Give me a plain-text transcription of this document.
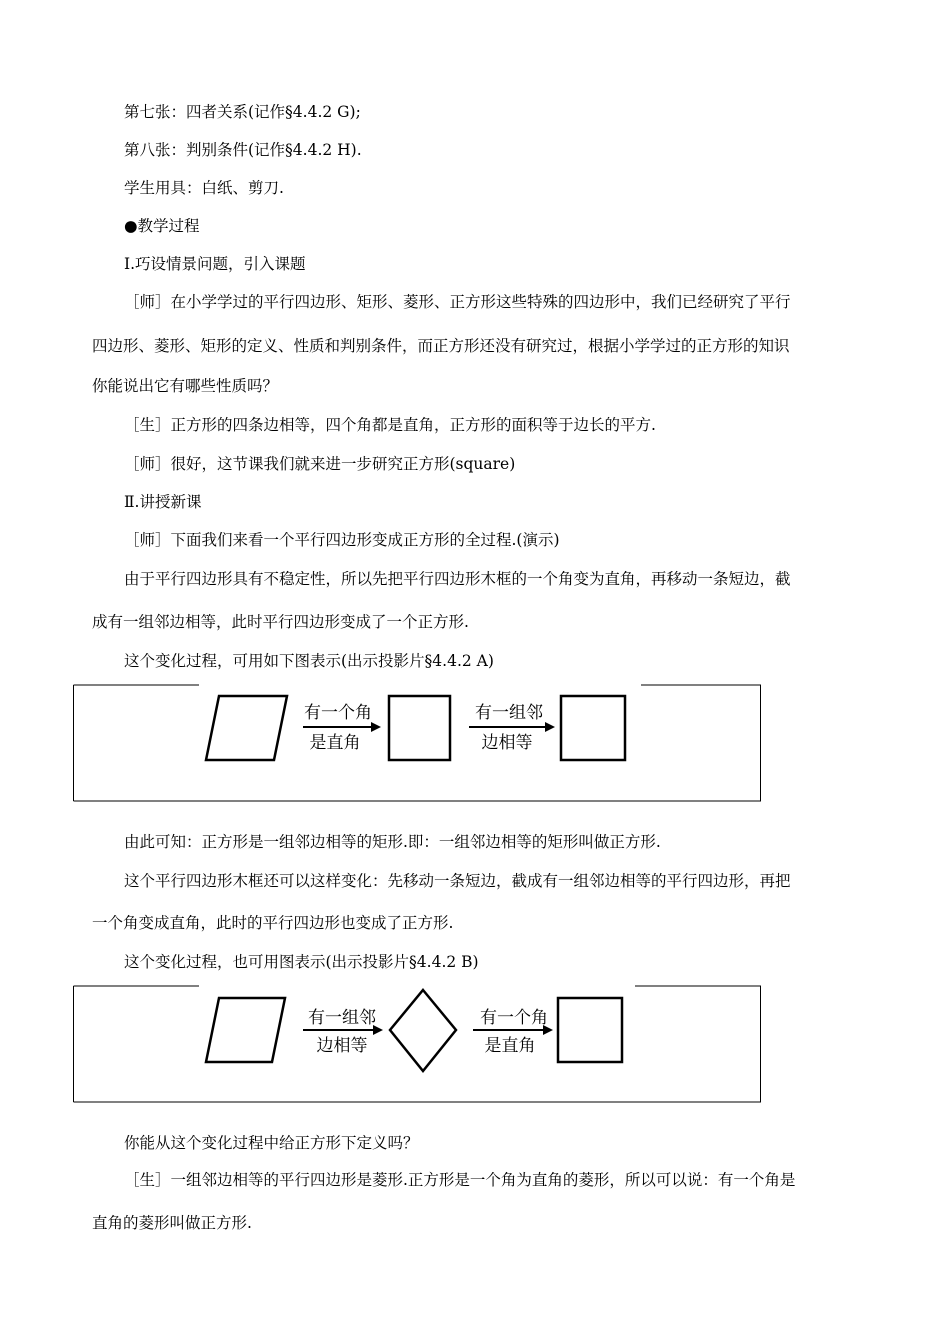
第七张：四者关系(记作§4.4.2 G);
第八张：判别条件(记作§4.4.2 H).
学生用具：白纸、剪刀.
●教学过程
Ⅰ.巧设情景问题，引入课题
［师］在小学学过的平行四边形、矩形、菱形、正方形这些特殊的四边形中，我们已经研究了平行
四边形、菱形、矩形的定义、性质和判别条件，而正方形还没有研究过，根据小学学过的正方形的知识
你能说出它有哪些性质吗？
［生］正方形的四条边相等，四个角都是直角，正方形的面积等于边长的平方.
［师］很好，这节课我们就来进一步研究正方形(square)
Ⅱ.讲授新课
［师］下面我们来看一个平行四边形变成正方形的全过程.(演示)
由于平行四边形具有不稳定性，所以先把平行四边形木框的一个角变为直角，再移动一条短边，截
成有一组邻边相等，此时平行四边形变成了一个正方形.
这个变化过程，可用如下图表示(出示投影片§4.4.2 A)
有一个角
是直角
有一组邻
边相等
由此可知：正方形是一组邻边相等的矩形.即：一组邻边相等的矩形叫做正方形.
这个平行四边形木框还可以这样变化：先移动一条短边，截成有一组邻边相等的平行四边形，再把
一个角变成直角，此时的平行四边形也变成了正方形.
这个变化过程，也可用图表示(出示投影片§4.4.2 B)
有一组邻
边相等
有一个角
是直角
你能从这个变化过程中给正方形下定义吗？
［生］一组邻边相等的平行四边形是菱形.正方形是一个角为直角的菱形，所以可以说：有一个角是
直角的菱形叫做正方形.
